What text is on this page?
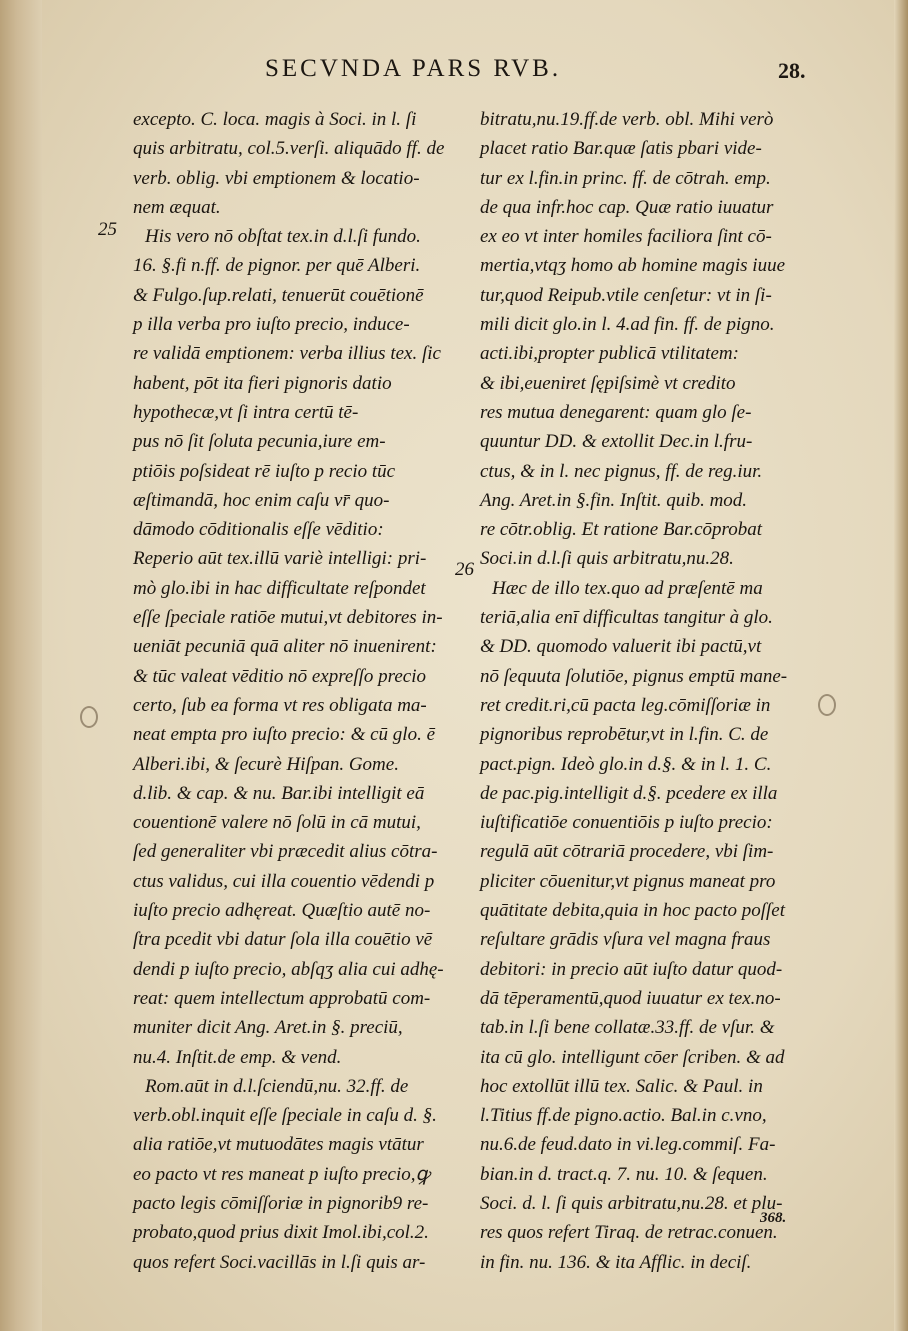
SECVNDA PARS RVB.	28.
25
26
excepto. C. loca. magis à Soci. in l. ſi
quis arbitratu, col.5.verſi. aliquādo ff. de
verb. oblig. vbi emptionem & locatio-
nem æquat.
His vero nō obſtat tex.in d.l.ſi fundo.
16. §.fi n.ff. de pignor. per quē Alberi.
& Fulgo.ſup.relati, tenuerūt couētionē
p illa verba pro iuſto precio, induce-
re validā emptionem: verba illius tex. ſic
habent, pōt ita fieri pignoris datio
hypothecæ,vt ſi intra certū tē-
pus nō ſit ſoluta pecunia,iure em-
ptiōis poſsideat rē iuſto p recio tūc
æſtimandā, hoc enim caſu vr̄ quo-
dāmodo cōditionalis eſſe vēditio:
Reperio aūt tex.illū variè intelligi: pri-
mò glo.ibi in hac difficultate reſpondet
eſſe ſpeciale ratiōe mutui,vt debitores in-
ueniāt pecuniā quā aliter nō inuenirent:
& tūc valeat vēditio nō expreſſo precio
certo, ſub ea forma vt res obligata ma-
neat empta pro iuſto precio: & cū glo. ē
Alberi.ibi, & ſecurè Hiſpan. Gome.
d.lib. & cap. & nu. Bar.ibi intelligit eā
couentionē valere nō ſolū in cā mutui,
ſed generaliter vbi præcedit alius cōtra-
ctus validus, cui illa couentio vēdendi p
iuſto precio adhęreat. Quæſtio autē no-
ſtra pcedit vbi datur ſola illa couētio vē
dendi p iuſto precio, abſqʒ alia cui adhę-
reat: quem intellectum approbatū com-
muniter dicit Ang. Aret.in §. preciū,
nu.4. Inſtit.de emp. & vend.
Rom.aūt in d.l.ſciendū,nu. 32.ff. de
verb.obl.inquit eſſe ſpeciale in caſu d. §.
alia ratiōe,vt mutuodātes magis vtātur
eo pacto vt res maneat p iuſto precio,ꝙ
pacto legis cōmiſſoriæ in pignorib9 re-
probato,quod prius dixit Imol.ibi,col.2.
quos refert Soci.vacillās in l.ſi quis ar-
bitratu,nu.19.ff.de verb. obl. Mihi verò
placet ratio Bar.quæ ſatis pbari vide-
tur ex l.fin.in princ. ff. de cōtrah. emp.
de qua infr.hoc cap. Quæ ratio iuuatur
ex eo vt inter homiles faciliora ſint cō-
mertia,vtqʒ homo ab homine magis iuue
tur,quod Reipub.vtile cenſetur: vt in ſi-
mili dicit glo.in l. 4.ad fin. ff. de pigno.
acti.ibi,propter publicā vtilitatem:
& ibi,eueniret ſępiſsimè vt credito
res mutua denegarent: quam glo ſe-
quuntur DD. & extollit Dec.in l.fru-
ctus, & in l. nec pignus, ff. de reg.iur.
Ang. Aret.in §.fin. Inſtit. quib. mod.
re cōtr.oblig. Et ratione Bar.cōprobat
Soci.in d.l.ſi quis arbitratu,nu.28.
Hæc de illo tex.quo ad præſentē ma
teriā,alia enī difficultas tangitur à glo.
& DD. quomodo valuerit ibi pactū,vt
nō ſequuta ſolutiōe, pignus emptū mane-
ret credit.ri,cū pacta leg.cōmiſſoriæ in
pignoribus reprobētur,vt in l.fin. C. de
pact.pign. Ideò glo.in d.§. & in l. 1. C.
de pac.pig.intelligit d.§. pcedere ex illa
iuſtificatiōe conuentiōis p iuſto precio:
regulā aūt cōtrariā procedere, vbi ſim-
pliciter cōuenitur,vt pignus maneat pro
quātitate debita,quia in hoc pacto poſſet
reſultare grādis vſura vel magna fraus
debitori: in precio aūt iuſto datur quod-
dā tēperamentū,quod iuuatur ex tex.no-
tab.in l.ſi bene collatæ.33.ff. de vſur. &
ita cū glo. intelligunt cōer ſcriben. & ad
hoc extollūt illū tex. Salic. & Paul. in
l.Titius ff.de pigno.actio. Bal.in c.vno,
nu.6.de feud.dato in vi.leg.commiſ. Fa-
bian.in d. tract.q. 7. nu. 10. & ſequen.
Soci. d. l. ſi quis arbitratu,nu.28. et plu-
res quos refert Tiraq. de retrac.conuen.
in fin. nu. 136. & ita Afflic. in deciſ.
368.
